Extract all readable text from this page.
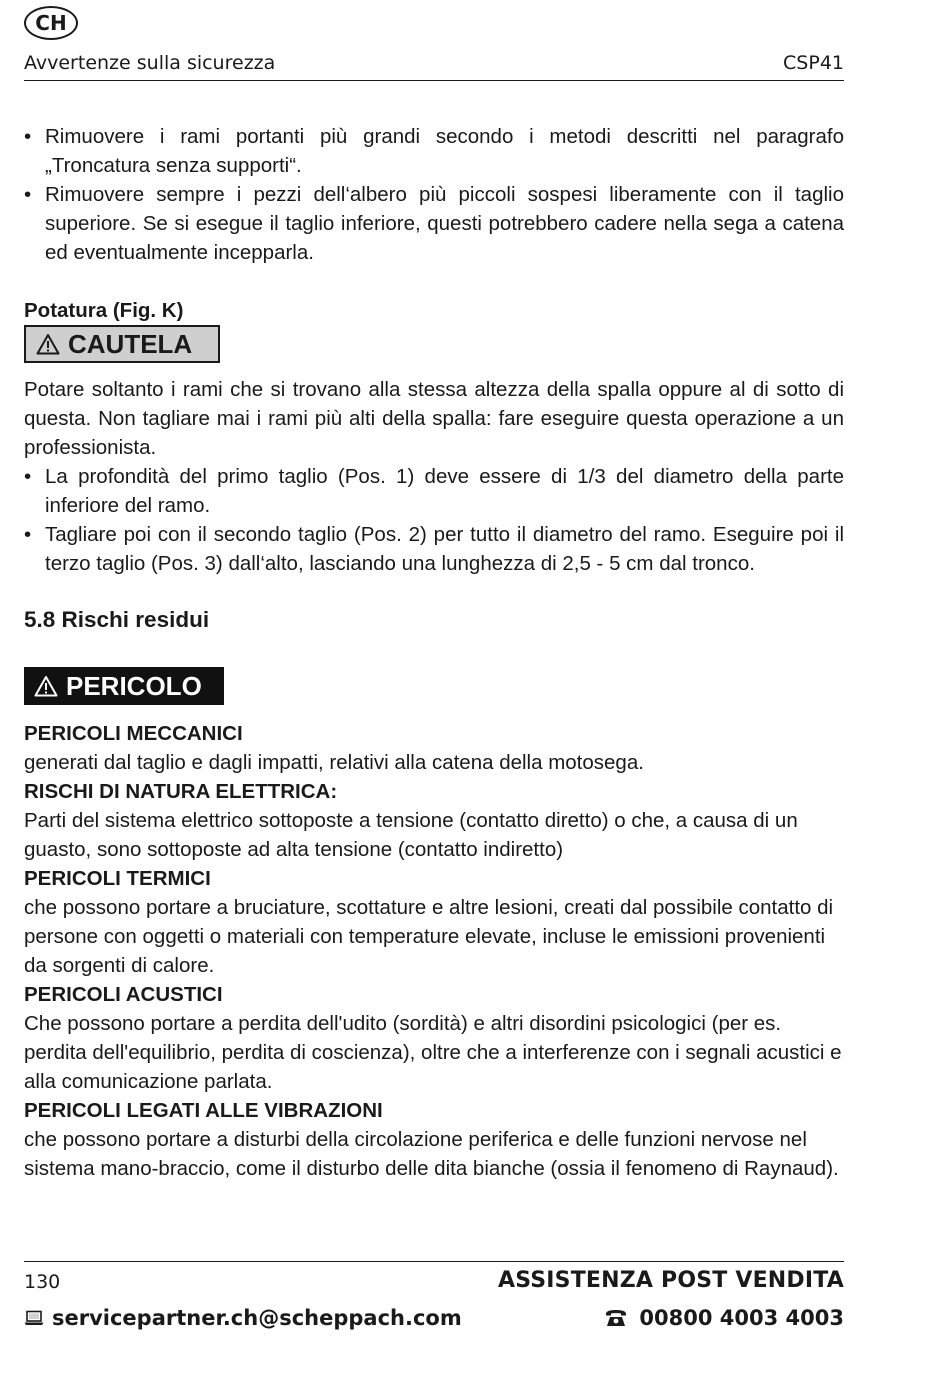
CH
Avvertenze sulla sicurezza	CSP41
• Rimuovere i rami portanti più grandi secondo i metodi descritti nel paragrafo „Troncatura senza supporti“.
• Rimuovere sempre i pezzi dell‘albero più piccoli sospesi liberamente con il taglio superiore. Se si esegue il taglio inferiore, questi potrebbero cadere nella sega a catena ed eventualmente incepparla.
Potatura (Fig. K)
CAUTELA

Potare soltanto i rami che si trovano alla stessa altezza della spalla oppure al di sotto di questa. Non tagliare mai i rami più alti della spalla: fare eseguire questa operazione a un professionista.

• La profondità del primo taglio (Pos. 1) deve essere di 1/3 del diametro della parte inferiore del ramo.
• Tagliare poi con il secondo taglio (Pos. 2) per tutto il diametro del ramo. Eseguire poi il terzo taglio (Pos. 3) dall‘alto, lasciando una lunghezza di 2,5 - 5 cm dal tronco.
5.8 Rischi residui
PERICOLO
PERICOLI MECCANICI

generati dal taglio e dagli impatti, relativi alla catena della motosega.

RISCHI DI NATURA ELETTRICA:

Parti del sistema elettrico sottoposte a tensione (contatto diretto) o che, a causa di un guasto, sono sottoposte ad alta tensione (contatto indiretto)

PERICOLI TERMICI

che possono portare a bruciature, scottature e altre lesioni, creati dal possibile contatto di persone con oggetti o materiali con temperature elevate, incluse le emissioni provenienti da sorgenti di calore.

PERICOLI ACUSTICI

Che possono portare a perdita dell'udito (sordità) e altri disordini psicologici (per es. perdita dell'equilibrio, perdita di coscienza), oltre che a interferenze con i segnali acustici e alla comunicazione parlata.

PERICOLI LEGATI ALLE VIBRAZIONI

che possono portare a disturbi della circolazione periferica e delle funzioni nervose nel sistema mano-braccio, come il disturbo delle dita bianche (ossia il fenomeno di Raynaud).

130	ASSISTENZA POST VENDITA
servicepartner.ch@scheppach.com	00800 4003 4003
